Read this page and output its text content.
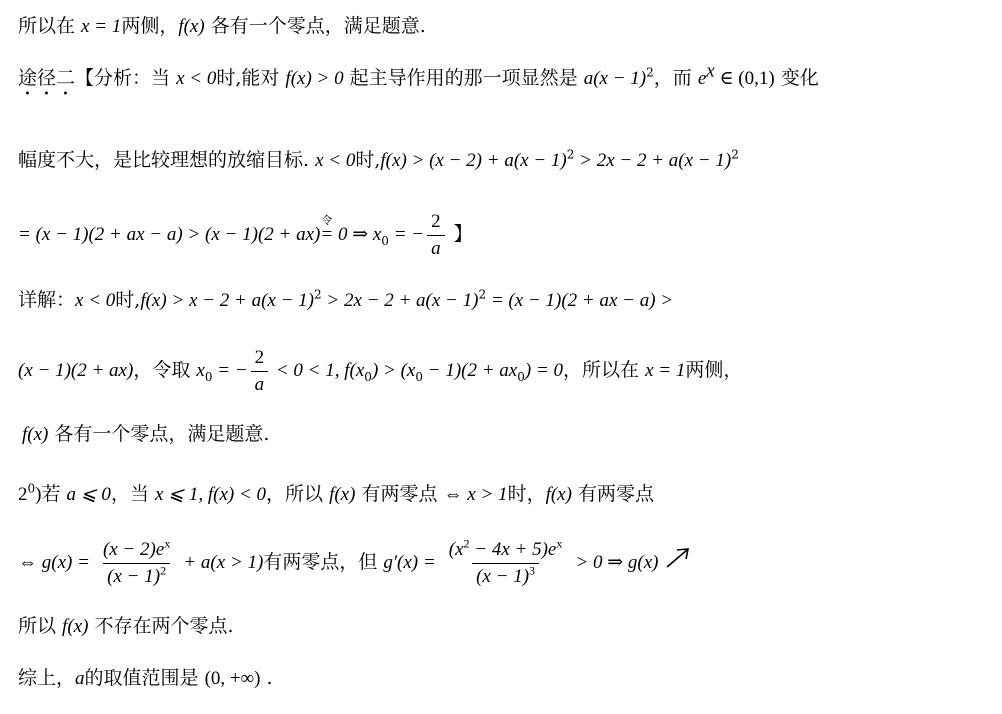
所以在 x = 1两侧，f(x) 各有一个零点，满足题意.
途径二【分析：当 x < 0时,能对 f(x) > 0 起主导作用的那一项显然是 $a(x - 1)^2$，而 $e^x$ ∈ (0,1) 变化
幅度不大，是比较理想的放缩目标. x < 0时$,f(x) > (x - 2) + a(x - 1)^2 > 2x - 2 + a(x - 1)^2$
= (x − 1)(2 + ax − a) > (x − 1)(2 + ax)
令
= 0 ⇒ $x_0$ = − $\frac{2}{a}$ 】
详解：x < 0时$,f(x) > x - 2 + a(x - 1)^2 > 2x - 2 + a(x - 1)^2 = (x - 1)(2$ + ax − a) >
(x − 1)(2 + ax)，令取 $x_0$ = − $\frac{2}{a} < 0 < 1$, $f(x_0) > (x_0 - 1)(2 + ax_0) = 0$，所以在 x = 1两侧，
f(x) 各有一个零点，满足题意.
$2^0$)若 a ⩽ 0，当 x ⩽ 1, f(x) < 0，所以 f(x) 有两零点 ⇔ x > 1时，f(x) 有两零点
⇔ $g(x) = \frac{(x - 2)e^x}{(x - 1)^2} + a(x > 1)$有两零点，但 $g'(x) = \frac{(x^2 - 4x + 5)e^x}{(x - 1)^3} > 0$ ⇒ g(x)
所以 f(x) 不存在两个零点.
综上，a的取值范围是 (0, +∞) .
